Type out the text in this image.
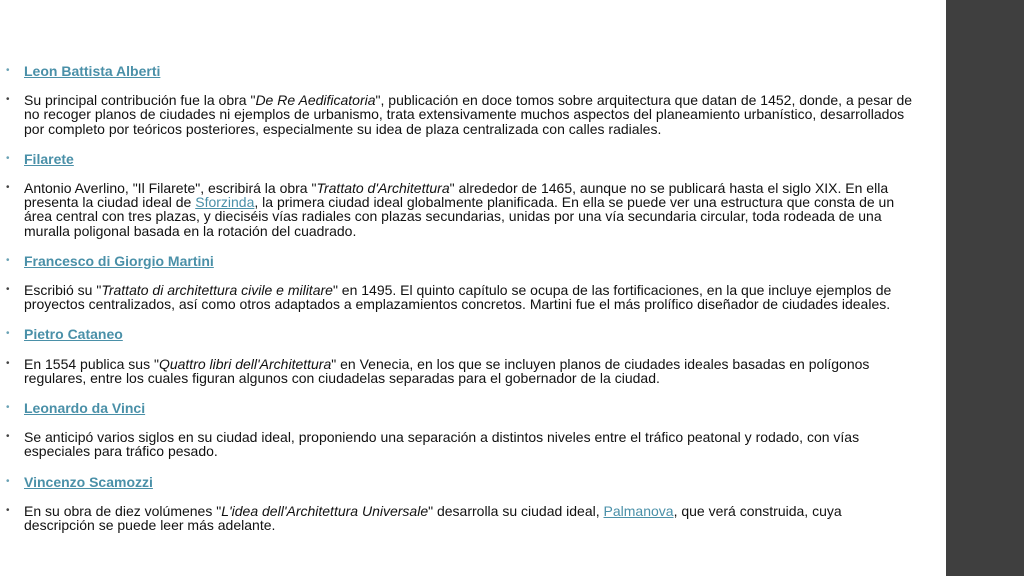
• Leon Battista Alberti
• Su principal contribución fue la obra "De Re Aedificatoria", publicación en doce tomos sobre arquitectura que datan de 1452, donde, a pesar de no recoger planos de ciudades ni ejemplos de urbanismo, trata extensivamente muchos aspectos del planeamiento urbanístico, desarrollados por completo por teóricos posteriores, especialmente su idea de plaza centralizada con calles radiales.
• Filarete
• Antonio Averlino, "Il Filarete", escribirá la obra "Trattato d'Architettura" alrededor de 1465, aunque no se publicará hasta el siglo XIX. En ella presenta la ciudad ideal de Sforzinda, la primera ciudad ideal globalmente planificada. En ella se puede ver una estructura que consta de un área central con tres plazas, y dieciséis vías radiales con plazas secundarias, unidas por una vía secundaria circular, toda rodeada de una muralla poligonal basada en la rotación del cuadrado.
• Francesco di Giorgio Martini
• Escribió su "Trattato di architettura civile e militare" en 1495. El quinto capítulo se ocupa de las fortificaciones, en la que incluye ejemplos de proyectos centralizados, así como otros adaptados a emplazamientos concretos. Martini fue el más prolífico diseñador de ciudades ideales.
• Pietro Cataneo
• En 1554 publica sus "Quattro libri dell'Architettura" en Venecia, en los que se incluyen planos de ciudades ideales basadas en polígonos regulares, entre los cuales figuran algunos con ciudadelas separadas para el gobernador de la ciudad.
• Leonardo da Vinci
• Se anticipó varios siglos en su ciudad ideal, proponiendo una separación a distintos niveles entre el tráfico peatonal y rodado, con vías especiales para tráfico pesado.
• Vincenzo Scamozzi
• En su obra de diez volúmenes "L'idea dell'Architettura Universale" desarrolla su ciudad ideal, Palmanova, que verá construida, cuya descripción se puede leer más adelante.
